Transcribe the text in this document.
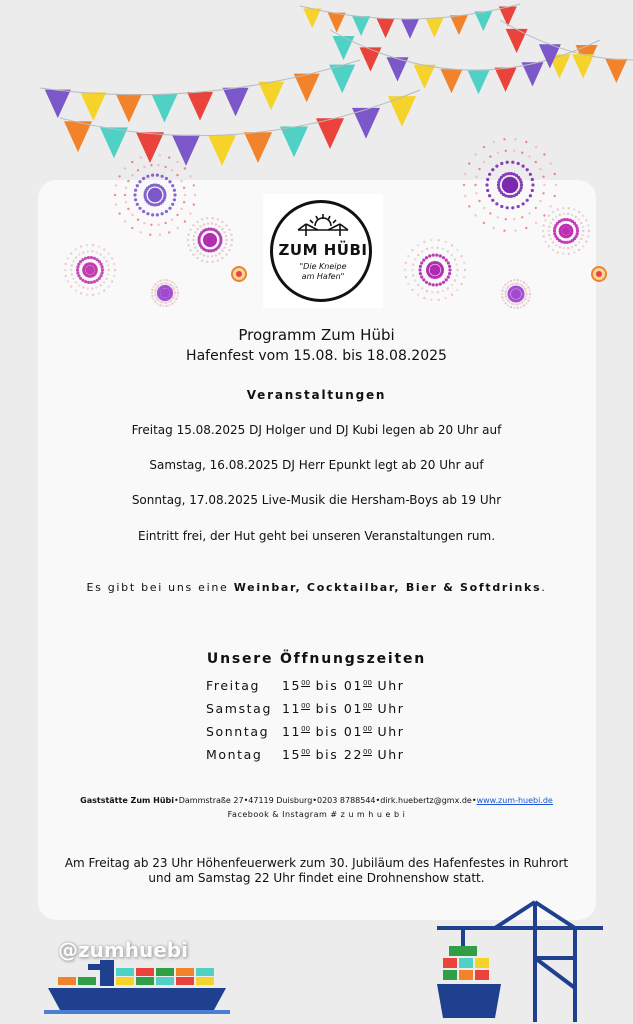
ZUM HÜBI
"Die Kneipe
am Hafen"
Programm Zum Hübi
Hafenfest vom 15.08. bis 18.08.2025
Veranstaltungen
Freitag 15.08.2025 DJ Holger und DJ Kubi legen ab 20 Uhr auf
Samstag, 16.08.2025 DJ Herr Epunkt legt ab 20 Uhr auf
Sonntag, 17.08.2025 Live-Musik die Hersham-Boys ab 19 Uhr
Eintritt frei, der Hut geht bei unseren Veranstaltungen rum.
Es gibt bei uns eine Weinbar, Cocktailbar, Bier & Softdrinks.
Unsere Öffnungszeiten
Freitag $15^{00}$ bis $01^{00}$ Uhr
Samstag $11^{00}$ bis $01^{00}$ Uhr
Sonntag $11^{00}$ bis $01^{00}$ Uhr
Montag $15^{00}$ bis $22^{00}$ Uhr
Gaststätte Zum Hübi•Dammstraße 27•47119 Duisburg•0203 8788544•dirk.huebertz@gmx.de•www.zum-huebi.de
Facebook & Instagram # z u m h u e b i
Am Freitag ab 23 Uhr Höhenfeuerwerk zum 30. Jubiläum des Hafenfestes in Ruhrort
und am Samstag 22 Uhr findet eine Drohnenshow statt.
@zumhuebi
